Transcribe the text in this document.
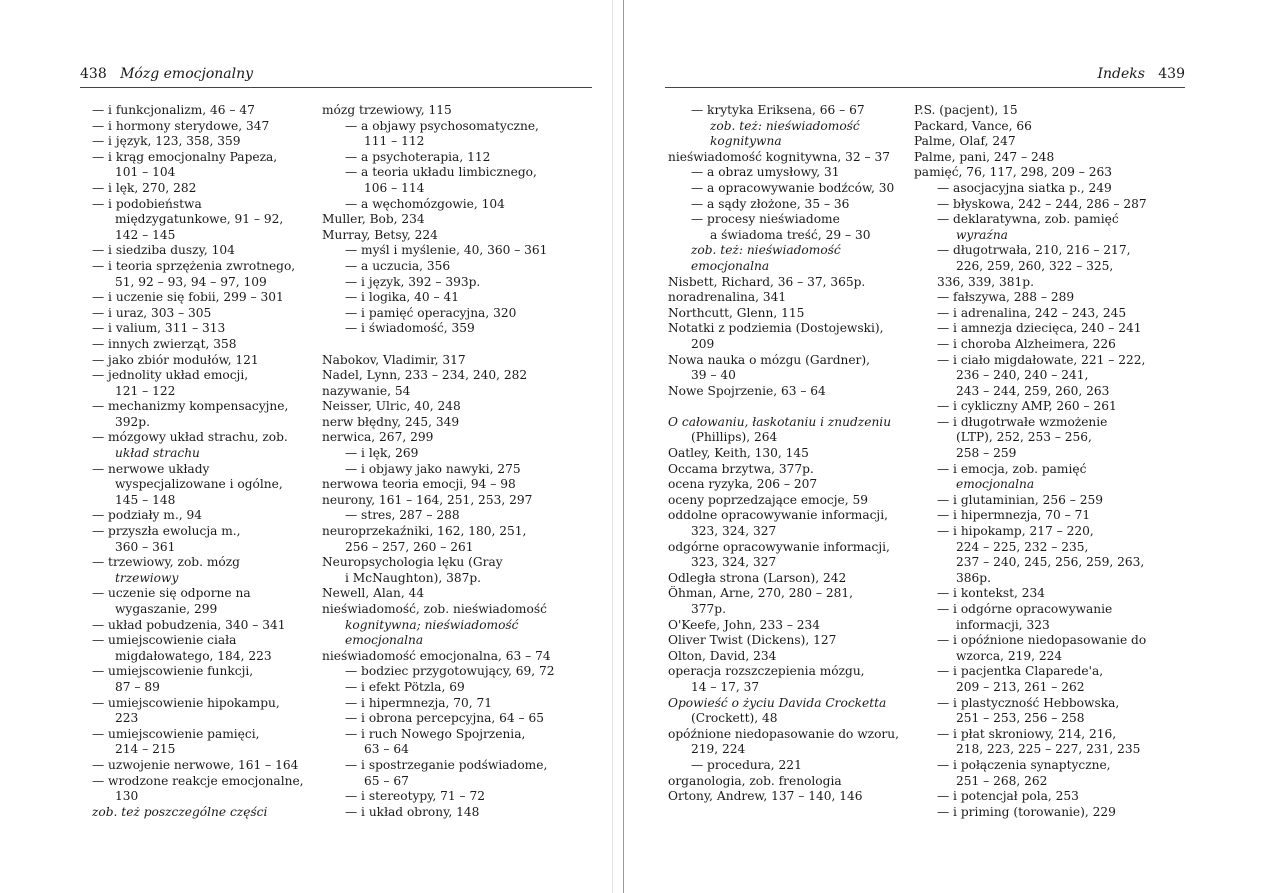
438 Mózg emocjonalny
— i funkcjonalizm, 46 – 47
— i hormony sterydowe, 347
— i język, 123, 358, 359
— i krąg emocjonalny Papeza,
101 – 104
— i lęk, 270, 282
— i podobieństwa
międzygatunkowe, 91 – 92,
142 – 145
— i siedziba duszy, 104
— i teoria sprzężenia zwrotnego,
51, 92 – 93, 94 – 97, 109
— i uczenie się fobii, 299 – 301
— i uraz, 303 – 305
— i valium, 311 – 313
— innych zwierząt, 358
— jako zbiór modułów, 121
— jednolity układ emocji,
121 – 122
— mechanizmy kompensacyjne,
392p.
— mózgowy układ strachu, zob.
układ strachu
— nerwowe układy
wyspecjalizowane i ogólne,
145 – 148
— podziały m., 94
— przyszła ewolucja m.,
360 – 361
— trzewiowy, zob. mózg
trzewiowy
— uczenie się odporne na
wygaszanie, 299
— układ pobudzenia, 340 – 341
— umiejscowienie ciała
migdałowatego, 184, 223
— umiejscowienie funkcji,
87 – 89
— umiejscowienie hipokampu,
223
— umiejscowienie pamięci,
214 – 215
— uzwojenie nerwowe, 161 – 164
— wrodzone reakcje emocjonalne,
130
zob. też poszczególne części
mózg trzewiowy, 115
— a objawy psychosomatyczne,
111 – 112
— a psychoterapia, 112
— a teoria układu limbicznego,
106 – 114
— a węchomózgowie, 104
Muller, Bob, 234
Murray, Betsy, 224
— myśl i myślenie, 40, 360 – 361
— a uczucia, 356
— i język, 392 – 393p.
— i logika, 40 – 41
— i pamięć operacyjna, 320
— i świadomość, 359
Nabokov, Vladimir, 317
Nadel, Lynn, 233 – 234, 240, 282
nazywanie, 54
Neisser, Ulric, 40, 248
nerw błędny, 245, 349
nerwica, 267, 299
— i lęk, 269
— i objawy jako nawyki, 275
nerwowa teoria emocji, 94 – 98
neurony, 161 – 164, 251, 253, 297
— stres, 287 – 288
neuroprzekaźniki, 162, 180, 251,
256 – 257, 260 – 261
Neuropsychologia lęku (Gray
i McNaughton), 387p.
Newell, Alan, 44
nieświadomość, zob. nieświadomość
kognitywna; nieświadomość
emocjonalna
nieświadomość emocjonalna, 63 – 74
— bodziec przygotowujący, 69, 72
— i efekt Pötzla, 69
— i hipermnezja, 70, 71
— i obrona percepcyjna, 64 – 65
— i ruch Nowego Spojrzenia,
63 – 64
— i spostrzeganie podświadome,
65 – 67
— i stereotypy, 71 – 72
— i układ obrony, 148
Indeks 439
— krytyka Eriksena, 66 – 67
zob. też: nieświadomość
kognitywna
nieświadomość kognitywna, 32 – 37
— a obraz umysłowy, 31
— a opracowywanie bodźców, 30
— a sądy złożone, 35 – 36
— procesy nieświadome
a świadoma treść, 29 – 30
zob. też: nieświadomość
emocjonalna
Nisbett, Richard, 36 – 37, 365p.
noradrenalina, 341
Northcutt, Glenn, 115
Notatki z podziemia (Dostojewski),
209
Nowa nauka o mózgu (Gardner),
39 – 40
Nowe Spojrzenie, 63 – 64
O całowaniu, łaskotaniu i znudzeniu
(Phillips), 264
Oatley, Keith, 130, 145
Occama brzytwa, 377p.
ocena ryzyka, 206 – 207
oceny poprzedzające emocje, 59
oddolne opracowywanie informacji,
323, 324, 327
odgórne opracowywanie informacji,
323, 324, 327
Odległa strona (Larson), 242
Öhman, Arne, 270, 280 – 281,
377p.
O'Keefe, John, 233 – 234
Oliver Twist (Dickens), 127
Olton, David, 234
operacja rozszczepienia mózgu,
14 – 17, 37
Opowieść o życiu Davida Crocketta
(Crockett), 48
opóźnione niedopasowanie do wzoru,
219, 224
— procedura, 221
organologia, zob. frenologia
Ortony, Andrew, 137 – 140, 146
P.S. (pacjent), 15
Packard, Vance, 66
Palme, Olaf, 247
Palme, pani, 247 – 248
pamięć, 76, 117, 298, 209 – 263
— asocjacyjna siatka p., 249
— błyskowa, 242 – 244, 286 – 287
— deklaratywna, zob. pamięć
wyraźna
— długotrwała, 210, 216 – 217,
226, 259, 260, 322 – 325,
336, 339, 381p.
— fałszywa, 288 – 289
— i adrenalina, 242 – 243, 245
— i amnezja dziecięca, 240 – 241
— i choroba Alzheimera, 226
— i ciało migdałowate, 221 – 222,
236 – 240, 240 – 241,
243 – 244, 259, 260, 263
— i cykliczny AMP, 260 – 261
— i długotrwałe wzmożenie
(LTP), 252, 253 – 256,
258 – 259
— i emocja, zob. pamięć
emocjonalna
— i glutaminian, 256 – 259
— i hipermnezja, 70 – 71
— i hipokamp, 217 – 220,
224 – 225, 232 – 235,
237 – 240, 245, 256, 259, 263,
386p.
— i kontekst, 234
— i odgórne opracowywanie
informacji, 323
— i opóźnione niedopasowanie do
wzorca, 219, 224
— i pacjentka Claparede'a,
209 – 213, 261 – 262
— i plastyczność Hebbowska,
251 – 253, 256 – 258
— i płat skroniowy, 214, 216,
218, 223, 225 – 227, 231, 235
— i połączenia synaptyczne,
251 – 268, 262
— i potencjał pola, 253
— i priming (torowanie), 229
